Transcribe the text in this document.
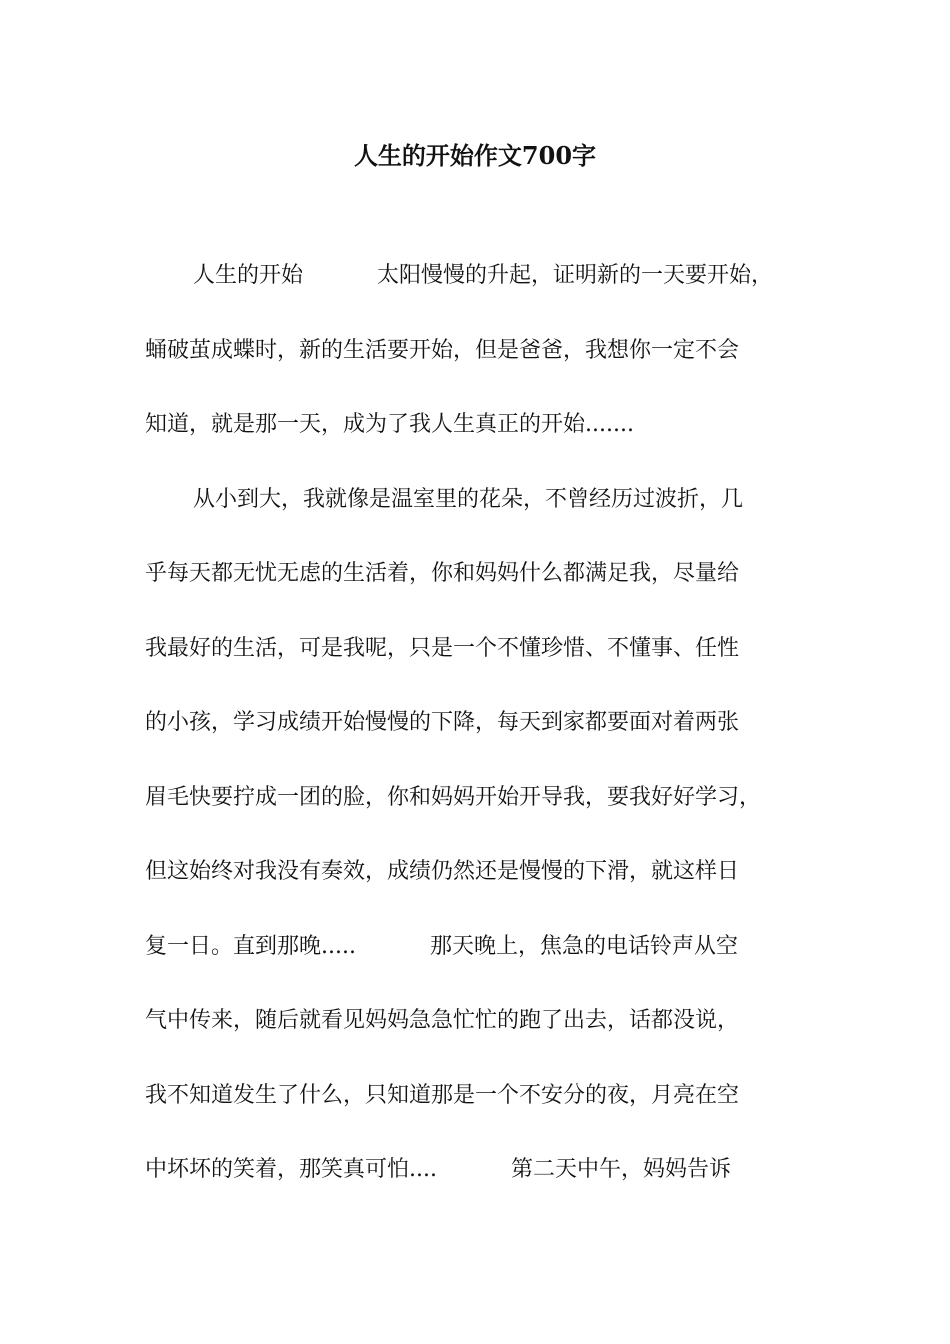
人生的开始作文700字
人生的开始	太阳慢慢的升起，证明新的一天要开始，
蛹破茧成蝶时，新的生活要开始，但是爸爸，我想你一定不会
知道，就是那一天，成为了我人生真正的开始.......
从小到大，我就像是温室里的花朵，不曾经历过波折，几
乎每天都无忧无虑的生活着，你和妈妈什么都满足我，尽量给
我最好的生活，可是我呢，只是一个不懂珍惜、不懂事、任性
的小孩，学习成绩开始慢慢的下降，每天到家都要面对着两张
眉毛快要拧成一团的脸，你和妈妈开始开导我，要我好好学习，
但这始终对我没有奏效，成绩仍然还是慢慢的下滑，就这样日
复一日。直到那晚.....	那天晚上，焦急的电话铃声从空
气中传来，随后就看见妈妈急急忙忙的跑了出去，话都没说，
我不知道发生了什么，只知道那是一个不安分的夜，月亮在空
中坏坏的笑着，那笑真可怕....	第二天中午，妈妈告诉
